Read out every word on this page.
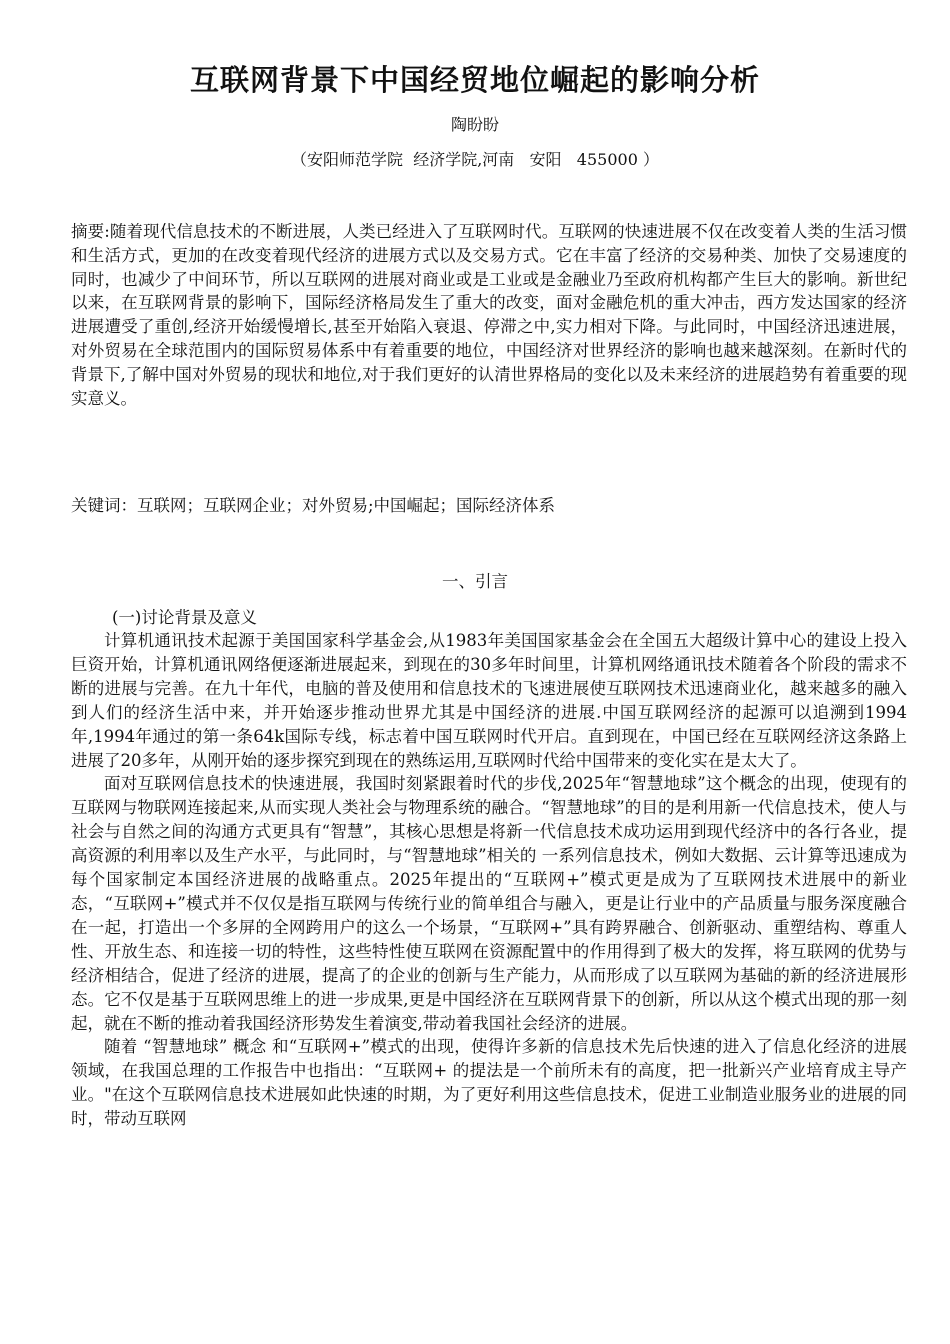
互联网背景下中国经贸地位崛起的影响分析
陶盼盼
（安阳师范学院  经济学院,河南   安阳   455000 ）
摘要:随着现代信息技术的不断进展，人类已经进入了互联网时代。互联网的快速进展不仅在改变着人类的生活习惯和生活方式，更加的在改变着现代经济的进展方式以及交易方式。它在丰富了经济的交易种类、加快了交易速度的同时，也减少了中间环节，所以互联网的进展对商业或是工业或是金融业乃至政府机构都产生巨大的影响。新世纪以来，在互联网背景的影响下，国际经济格局发生了重大的改变，面对金融危机的重大冲击，西方发达国家的经济进展遭受了重创,经济开始缓慢增长,甚至开始陷入衰退、停滞之中,实力相对下降。与此同时，中国经济迅速进展，对外贸易在全球范围内的国际贸易体系中有着重要的地位，中国经济对世界经济的影响也越来越深刻。在新时代的背景下,了解中国对外贸易的现状和地位,对于我们更好的认清世界格局的变化以及未来经济的进展趋势有着重要的现实意义。
关键词：互联网；互联网企业；对外贸易;中国崛起；国际经济体系
一、引言
(一)讨论背景及意义

计算机通讯技术起源于美国国家科学基金会,从1983年美国国家基金会在全国五大超级计算中心的建设上投入巨资开始，计算机通讯网络便逐渐进展起来，到现在的30多年时间里，计算机网络通讯技术随着各个阶段的需求不断的进展与完善。在九十年代，电脑的普及使用和信息技术的飞速进展使互联网技术迅速商业化，越来越多的融入到人们的经济生活中来，并开始逐步推动世界尤其是中国经济的进展.中国互联网经济的起源可以追溯到1994年,1994年通过的第一条64k国际专线，标志着中国互联网时代开启。直到现在，中国已经在互联网经济这条路上进展了20多年，从刚开始的逐步探究到现在的熟练运用,互联网时代给中国带来的变化实在是太大了。

面对互联网信息技术的快速进展，我国时刻紧跟着时代的步伐,2025年“智慧地球”这个概念的出现，使现有的互联网与物联网连接起来,从而实现人类社会与物理系统的融合。“智慧地球”的目的是利用新一代信息技术，使人与社会与自然之间的沟通方式更具有“智慧”，其核心思想是将新一代信息技术成功运用到现代经济中的各行各业，提高资源的利用率以及生产水平，与此同时，与“智慧地球”相关的 一系列信息技术，例如大数据、云计算等迅速成为每个国家制定本国经济进展的战略重点。2025年提出的“互联网+”模式更是成为了互联网技术进展中的新业态，“互联网+”模式并不仅仅是指互联网与传统行业的简单组合与融入，更是让行业中的产品质量与服务深度融合在一起，打造出一个多屏的全网跨用户的这么一个场景，“互联网+”具有跨界融合、创新驱动、重塑结构、尊重人性、开放生态、和连接一切的特性，这些特性使互联网在资源配置中的作用得到了极大的发挥，将互联网的优势与经济相结合，促进了经济的进展，提高了的企业的创新与生产能力，从而形成了以互联网为基础的新的经济进展形态。它不仅是基于互联网思维上的进一步成果,更是中国经济在互联网背景下的创新，所以从这个模式出现的那一刻起，就在不断的推动着我国经济形势发生着演变,带动着我国社会经济的进展。

随着 “智慧地球” 概念 和“互联网+”模式的出现，使得许多新的信息技术先后快速的进入了信息化经济的进展领域，在我国总理的工作报告中也指出：“互联网+ 的提法是一个前所未有的高度，把一批新兴产业培育成主导产业。"在这个互联网信息技术进展如此快速的时期，为了更好利用这些信息技术，促进工业制造业服务业的进展的同时，带动互联网
